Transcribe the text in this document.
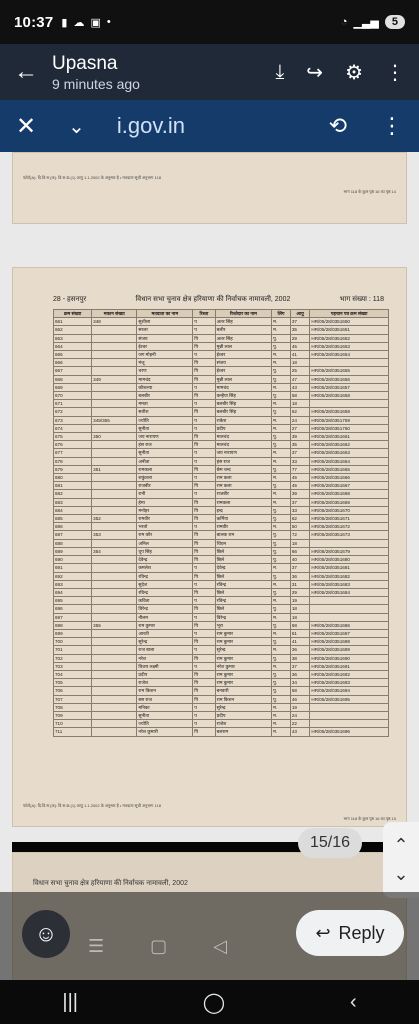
10:37 ▮ ☁ ▣ •	◔ ▁▃▅	5
← Upasna
9 minutes ago
⤓ ↪ ⚙ ⋮
✕ ⌄ i.gov.in	⟲ ⋮
फोटो(A): दि.वि.स.(क): वि.स.क्र.(1) आयु 1.1.2002 के अनुसार है • मतदाता सूची अनुभाग 118
भाग 118 के कुल पृष्ठ 16 का पृष्ठ 14
28 - हसनपुर	विधान सभा चुनाव क्षेत्र हरियाणा की निर्वाचक नामावली, 2002	भाग संख्या : 118
क्रम संख्या	मकान संख्या	मतदाता का नाम	रिश्ता	रिश्तेदार का नाम	लिंग	आयु	पहचान पत्र क्रम संख्या
661	348	सुशीला	प	अतर सिंह	म.	37	HR/05/28/0351650
662		सरला	प	बलीर	म.	35	HR/05/28/0351651
663		संजय	पि	अतर सिंह	पु.	29	HR/05/28/0351652
664		ईश्वर	पि	मुन्नी लाल	पु.	45	HR/05/28/0351653
665		जग मोहनी	प	ईश्वर	म.	41	HR/05/28/0351654
666		मंजू	पि	संजय	म.	18	
667		चरण	पि	ईश्वर	पु.	25	HR/05/28/0351655
668	349	मामचंद	पि	मुन्नी लाल	पु.	47	HR/05/28/0351656
669		कौशल्या	प	मामचंद	म.	43	HR/05/28/0351657
670		बलबीर	पि	कन्हैया सिंह	पु.	58	HR/05/28/0351658
671		ममता	प	बलबीर सिंह	म.	18	
672		सतीश	पि	बलबीर सिंह	पु.	62	HR/05/28/0351659
673	349/355	ज्योति	प	राकेश	म.	24	HR/05/28/0351759
674		सुनीता	प	प्रदीप	म.	27	HR/05/28/0351760
675	350	जय नारायण	पि	मालचंद	पु.	39	HR/05/28/0351661
676		हंस राज	पि	मालचंद	पु.	35	HR/05/28/0351662
677		सुनीता	प	जय नारायण	म.	37	HR/05/28/0351663
678		अनीता	प	हंस राज	म.	33	HR/05/28/0351664
679	351	रामकला	पि	छेम चन्द	पु.	77	HR/05/28/0351665
680		शकुंतला	प	राम कला	म.	45	HR/05/28/0351666
681		राजबीर	पि	राम कला	पु.	45	HR/05/28/0351667
682		रानी	प	राजबीर	म.	39	HR/05/28/0351668
683		हेमा	पि	रामकला	म.	37	HR/05/28/0351669
684		मनोहर	पि	इन्द्र	पु.	33	HR/05/28/0351670
685	352	रामवीर	पि	कर्मिया	पु.	62	HR/05/28/0351671
686		भरतो	प	रामवीर	म.	50	HR/05/28/0351672
687	353	राम कौर	पि	बालक राम	पु.	72	HR/05/28/0351673
688		अनिल	पि	चिंधन	पु.	18	
689	354	धूप सिंह	पि	छिले	पु.	66	HR/05/28/0351679
690		देवेन्द्र	पि	छिले	पु.	40	HR/05/28/0351680
691		कमलेश	प	देवेन्द्र	म.	37	HR/05/28/0351681
692		रविन्द्र	पि	छिले	पु.	36	HR/05/28/0351682
693		सुदेश	प	रविन्द्र	म.	31	HR/05/28/0351683
694		रविन्द्र	पि	छिले	पु.	29	HR/05/28/0351684
695		कविता	प	रविन्द्र	म.	19	
696		विरेन्द्र	पि	छिले	पु.	18	
697		नीलम	प	विरेन्द्र	म.	18	
698	355	राम कुमार	पि	भूरा	पु.	68	HR/05/28/0351686
699		आरती	प	राम कुमार	म.	61	HR/05/28/0351687
700		सुरेन्द्र	पि	राम कुमार	पु.	41	HR/05/28/0351688
701		राज बाला	प	सुरेन्द्र	म.	36	HR/05/28/0351689
702		नरेश	पि	राम कुमार	पु.	38	HR/05/28/0351690
703		विजय लक्ष्मी	प	नरेश कुमार	म.	37	HR/05/28/0351691
704		प्रदीप	पि	राम कुमार	पु.	36	HR/05/28/0351692
705		राजेश	पि	राम कुमार	पु.	34	HR/05/28/0351693
706		राम किशन	पि	बनवारी	पु.	58	HR/05/28/0351694
707		बस राज	पि	राम किशन	पु.	46	HR/05/28/0351695
708		मनिका	प	सुरेन्द्र	म.	19	
709		सुनीता	प	प्रदीप	म.	24	
710		ज्योति	प	राजेश	म.	22	
711		नरेश कुमारी	पि	बलराम	म.	43	HR/05/28/0351696
फोटो(A): दि.वि.स.(क): वि.स.क्र.(1) आयु 1.1.2002 के अनुसार है • मतदाता सूची अनुभाग 118
भाग 118 के कुल पृष्ठ 16 का पृष्ठ 15
विधान सभा चुनाव क्षेत्र हरियाणा की निर्वाचक नामावली, 2002
15/16	⌃
⌄
☺ ☰	▢	◁
↩ Reply
|||	◯	‹
